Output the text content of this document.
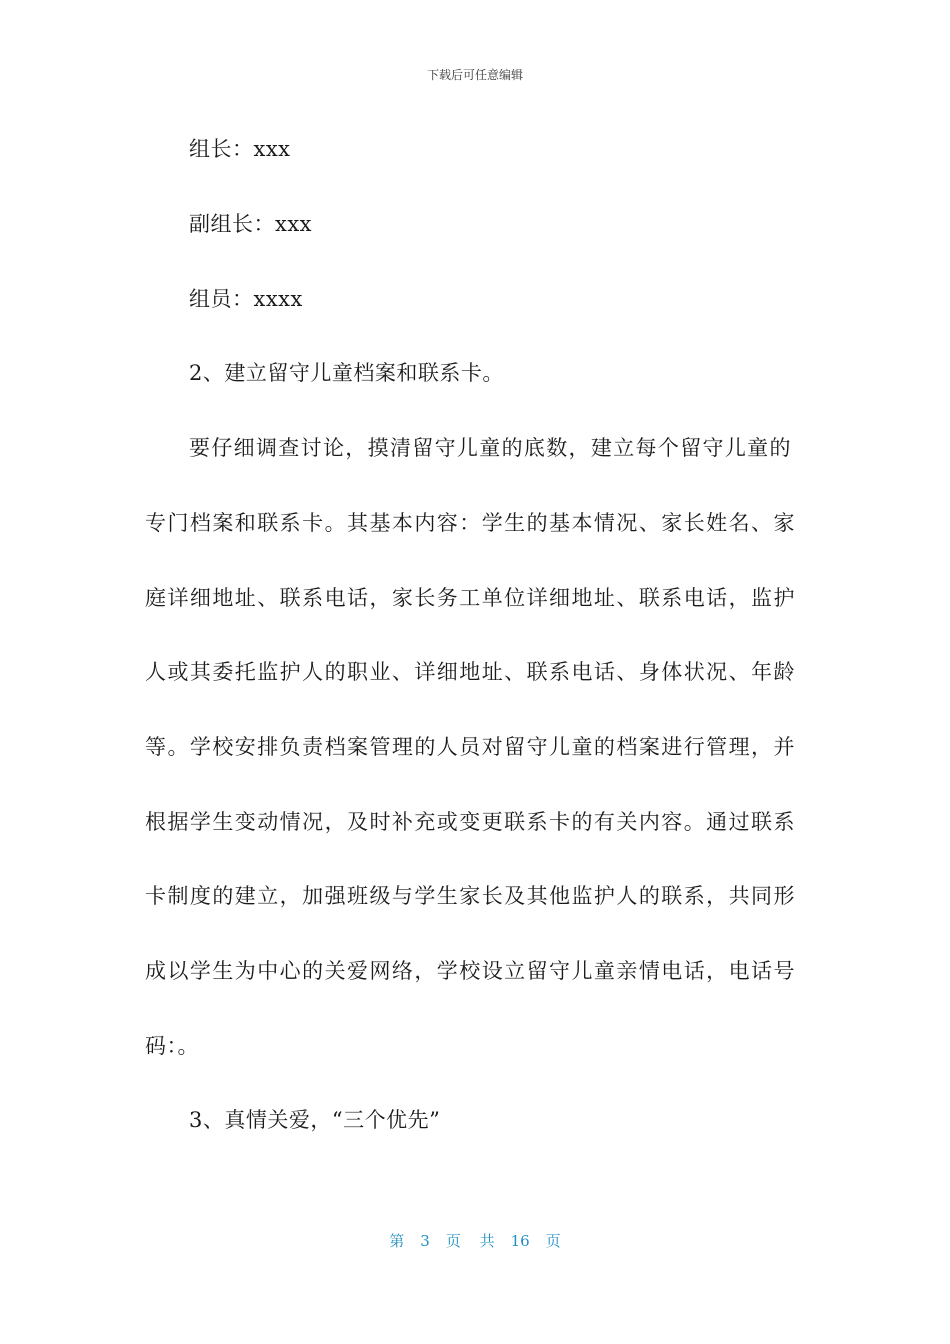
下载后可任意编辑
组长：xxx
副组长：xxx
组员：xxxx
2、建立留守儿童档案和联系卡。
要仔细调查讨论，摸清留守儿童的底数，建立每个留守儿童的
专门档案和联系卡。其基本内容：学生的基本情况、家长姓名、家
庭详细地址、联系电话，家长务工单位详细地址、联系电话，监护
人或其委托监护人的职业、详细地址、联系电话、身体状况、年龄
等。学校安排负责档案管理的人员对留守儿童的档案进行管理，并
根据学生变动情况，及时补充或变更联系卡的有关内容。通过联系
卡制度的建立，加强班级与学生家长及其他监护人的联系，共同形
成以学生为中心的关爱网络，学校设立留守儿童亲情电话，电话号
码：。
3、真情关爱，“三个优先”
第 3 页 共 16 页
